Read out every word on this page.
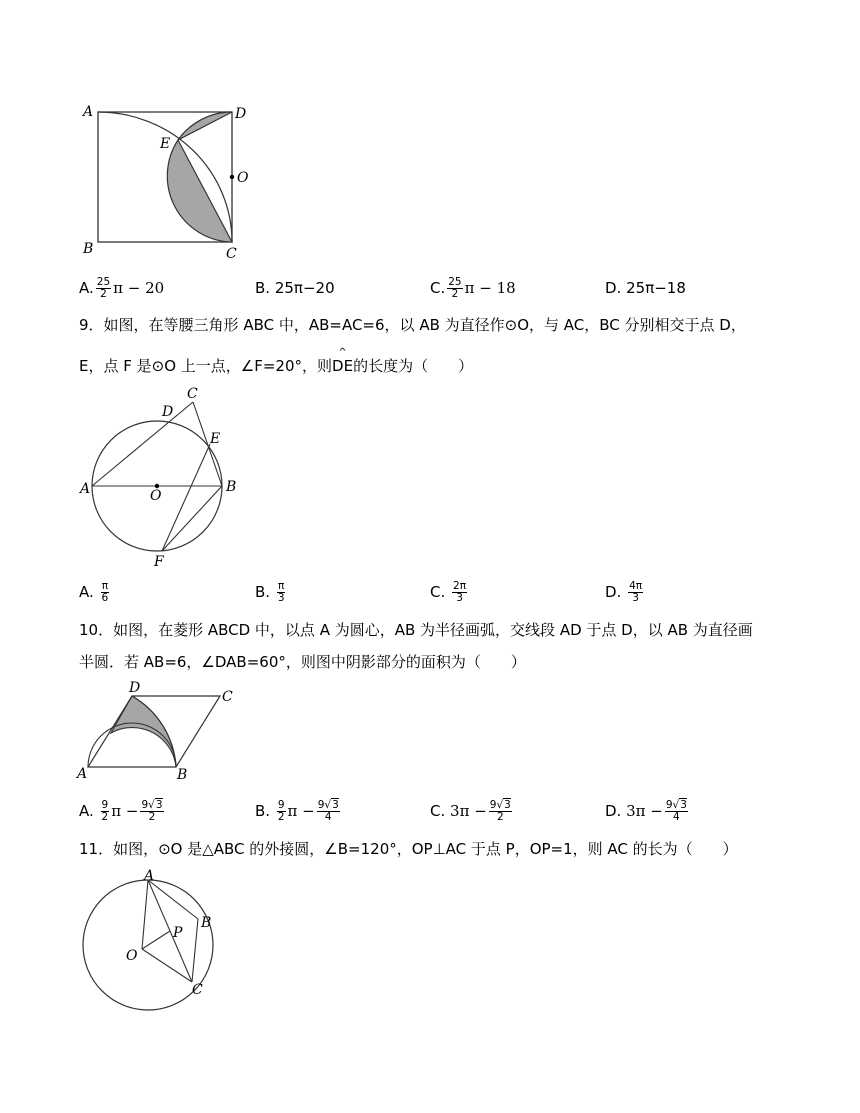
A	D
E
O
B	C
A. $\frac{25}{2}$ π − 20	B.
25π−20	C. $\frac{25}{2}$ π − 18	D.
25π−18
9．如图，在等腰三角形 ABC 中，AB=AC=6，以 AB 为直径作⊙O，与 AC，BC 分别相交于点 D，
E，点 F 是⊙O 上一点，∠F=20°，则
^
DE的长度为（　　）
A	B
C
D
E
O
F
A.
$\frac{\pi}{6}$	B.
$\frac{\pi}{3}$	C.
$\frac{2\pi}{3}$	D.
$\frac{4\pi}{3}$
10．如图，在菱形 ABCD 中，以点 A 为圆心，AB 为半径画弧，交线段 AD 于点 D，以 AB 为直径画
半圆．若 AB=6，∠DAB=60°，则图中阴影部分的面积为（　　）
A	B
C
D
A.
$\frac{9}{2}$ $\pi - \frac{9√3}{2}$	B.
$\frac{9}{2}$ $\pi - \frac{9√3}{4}$	C.
$3\pi - \frac{9√3}{2}$	D.
$3\pi - \frac{9√3}{4}$
11．如图，⊙O 是△ABC 的外接圆，∠B=120°，OP⊥AC 于点 P，OP=1，则 AC 的长为（　　）
A
B
P
O
C
